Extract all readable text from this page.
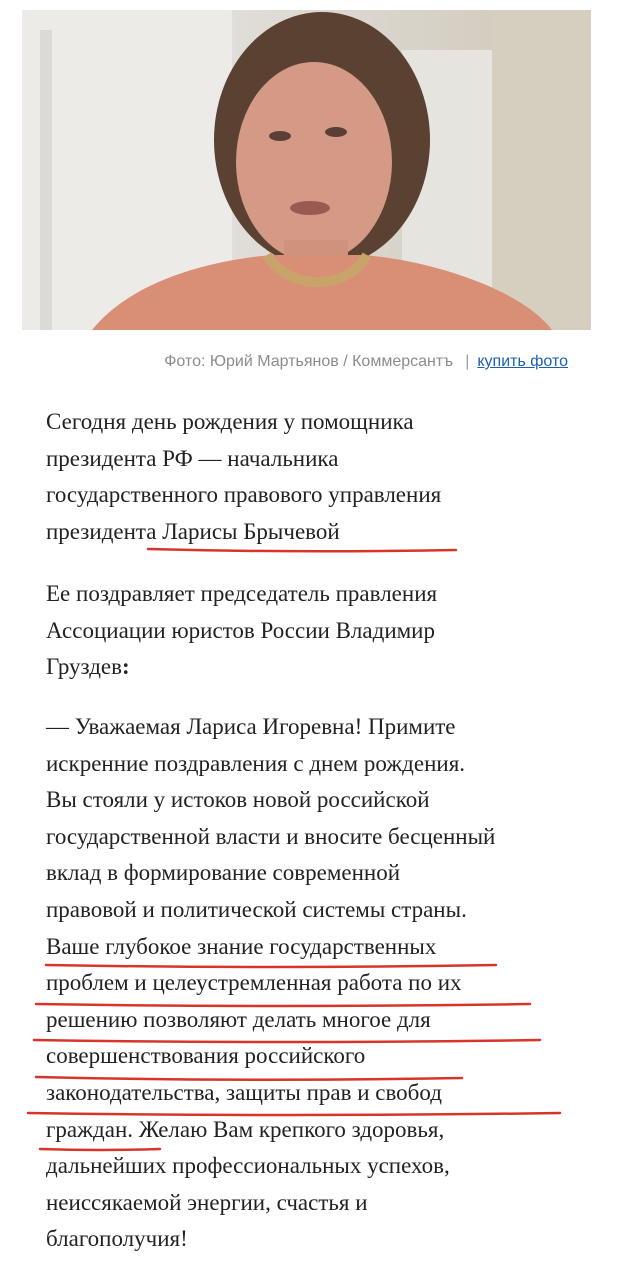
Фото: Юрий Мартьянов / Коммерсантъ | купить фото

Сегодня день рождения у помощника
президента РФ — начальника
государственного правового управления
президента Ларисы Брычевой

Ее поздравляет председатель правления
Ассоциации юристов России Владимир
Груздев:

— Уважаемая Лариса Игоревна! Примите
искренние поздравления с днем рождения.
Вы стояли у истоков новой российской
государственной власти и вносите бесценный
вклад в формирование современной
правовой и политической системы страны.
Ваше глубокое знание государственных
проблем и целеустремленная работа по их
решению позволяют делать многое для
совершенствования российского
законодательства, защиты прав и свобод
граждан. Желаю Вам крепкого здоровья,
дальнейших профессиональных успехов,
неиссякаемой энергии, счастья и
благополучия!
